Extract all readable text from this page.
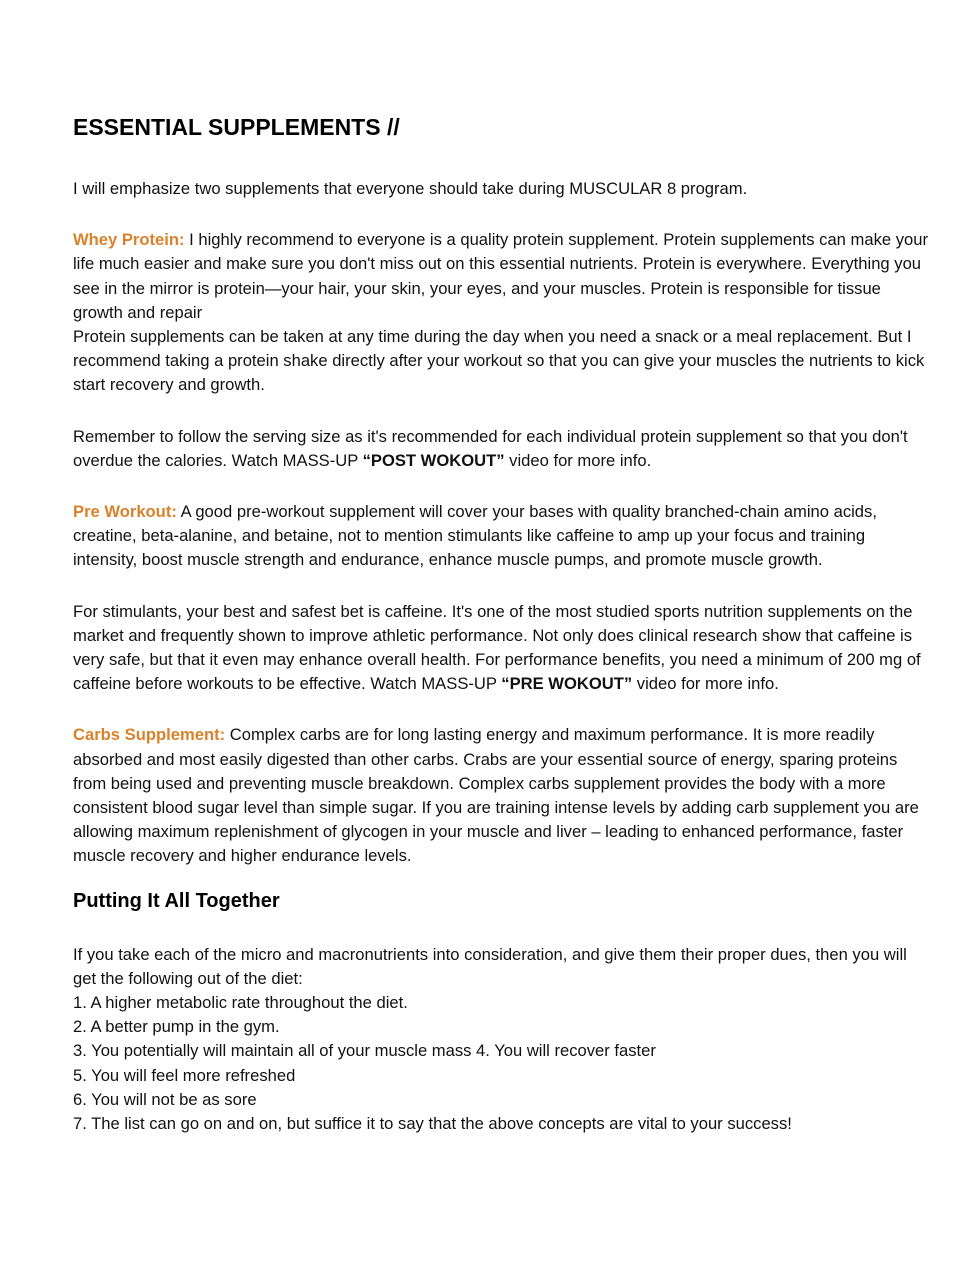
ESSENTIAL SUPPLEMENTS //

I will emphasize two supplements that everyone should take during MUSCULAR 8 program.

Whey Protein: I highly recommend to everyone is a quality protein supplement. Protein supplements can make your life much easier and make sure you don't miss out on this essential nutrients. Protein is everywhere. Everything you see in the mirror is protein—your hair, your skin, your eyes, and your muscles. Protein is responsible for tissue growth and repair

Protein supplements can be taken at any time during the day when you need a snack or a meal replacement. But I recommend taking a protein shake directly after your workout so that you can give your muscles the nutrients to kick start recovery and growth.

Remember to follow the serving size as it's recommended for each individual protein supplement so that you don't overdue the calories. Watch MASS-UP “POST WOKOUT” video for more info.

Pre Workout: A good pre-workout supplement will cover your bases with quality branched-chain amino acids, creatine, beta-alanine, and betaine, not to mention stimulants like caffeine to amp up your focus and training intensity, boost muscle strength and endurance, enhance muscle pumps, and promote muscle growth.

For stimulants, your best and safest bet is caffeine. It's one of the most studied sports nutrition supplements on the market and frequently shown to improve athletic performance. Not only does clinical research show that caffeine is very safe, but that it even may enhance overall health. For performance benefits, you need a minimum of 200 mg of caffeine before workouts to be effective. Watch MASS-UP “PRE WOKOUT” video for more info.

Carbs Supplement: Complex carbs are for long lasting energy and maximum performance. It is more readily absorbed and most easily digested than other carbs. Crabs are your essential source of energy, sparing proteins from being used and preventing muscle breakdown. Complex carbs supplement provides the body with a more consistent blood sugar level than simple sugar. If you are training intense levels by adding carb supplement you are allowing maximum replenishment of glycogen in your muscle and liver – leading to enhanced performance, faster muscle recovery and higher endurance levels.

Putting It All Together

If you take each of the micro and macronutrients into consideration, and give them their proper dues, then you will get the following out of the diet:

1. A higher metabolic rate throughout the diet.
2. A better pump in the gym.
3. You potentially will maintain all of your muscle mass 4. You will recover faster
5. You will feel more refreshed
6. You will not be as sore
7. The list can go on and on, but suffice it to say that the above concepts are vital to your success!
